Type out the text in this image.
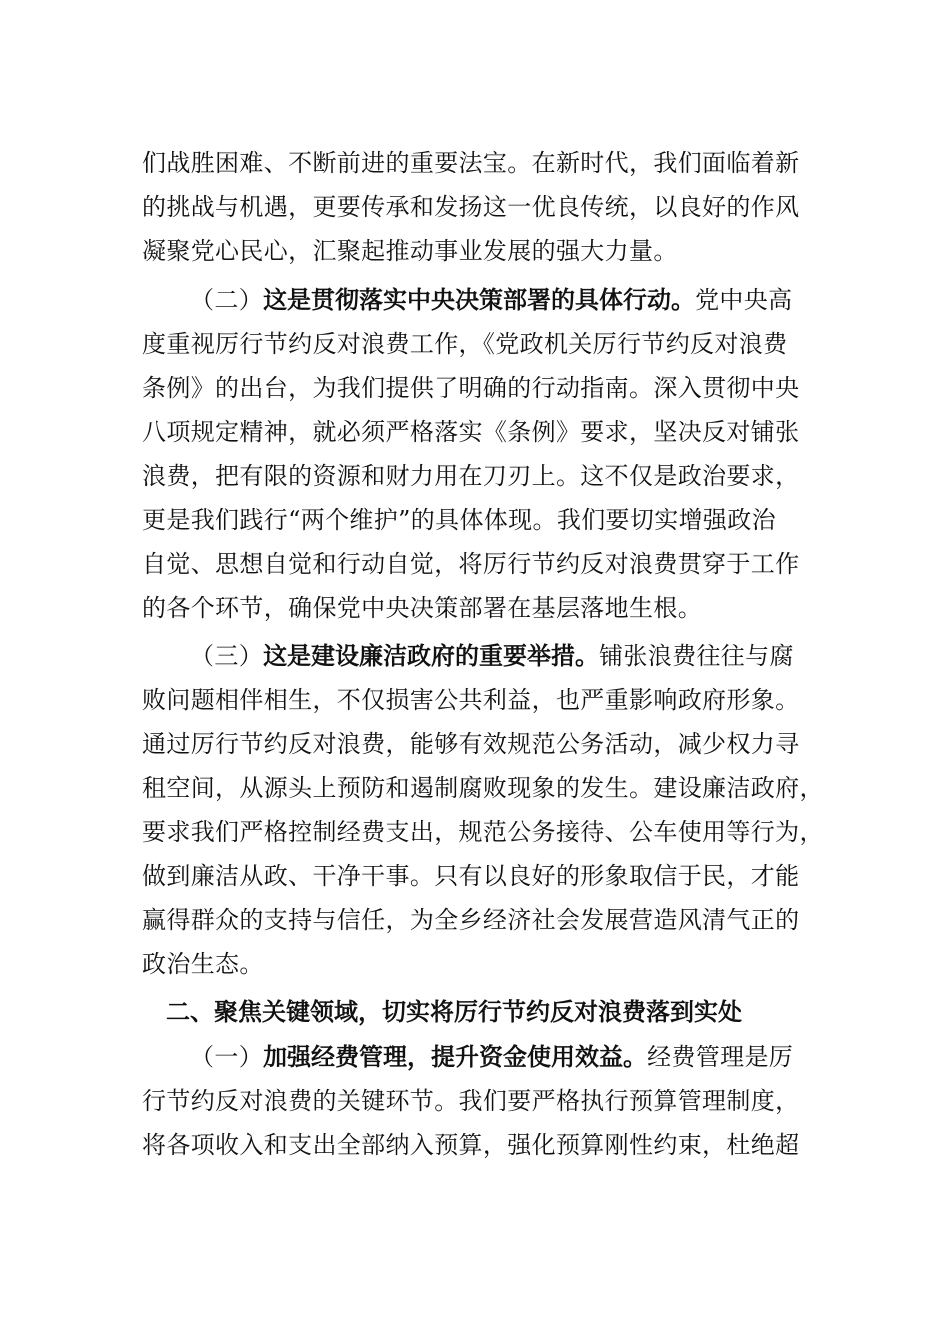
们战胜困难、不断前进的重要法宝。在新时代，我们面临着新
的挑战与机遇，更要传承和发扬这一优良传统，以良好的作风
凝聚党心民心，汇聚起推动事业发展的强大力量。
（二）这是贯彻落实中央决策部署的具体行动。党中央高
度重视厉行节约反对浪费工作，《党政机关厉行节约反对浪费
条例》的出台，为我们提供了明确的行动指南。深入贯彻中央
八项规定精神，就必须严格落实《条例》要求，坚决反对铺张
浪费，把有限的资源和财力用在刀刃上。这不仅是政治要求，
更是我们践行“两个维护”的具体体现。我们要切实增强政治
自觉、思想自觉和行动自觉，将厉行节约反对浪费贯穿于工作
的各个环节，确保党中央决策部署在基层落地生根。
（三）这是建设廉洁政府的重要举措。铺张浪费往往与腐
败问题相伴相生，不仅损害公共利益，也严重影响政府形象。
通过厉行节约反对浪费，能够有效规范公务活动，减少权力寻
租空间，从源头上预防和遏制腐败现象的发生。建设廉洁政府，
要求我们严格控制经费支出，规范公务接待、公车使用等行为，
做到廉洁从政、干净干事。只有以良好的形象取信于民，才能
赢得群众的支持与信任，为全乡经济社会发展营造风清气正的
政治生态。
二、聚焦关键领域，切实将厉行节约反对浪费落到实处
（一）加强经费管理，提升资金使用效益。经费管理是厉
行节约反对浪费的关键环节。我们要严格执行预算管理制度，
将各项收入和支出全部纳入预算，强化预算刚性约束，杜绝超
